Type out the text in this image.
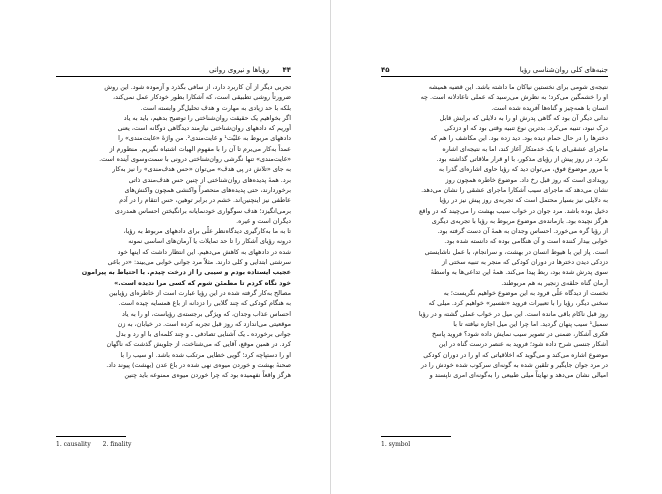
۴۴
رؤیاها و نیروی روانی
تجربی دیگر از آن کاربرد دارد، از سافی بگذرد و آزموده شود. این روش
ضرورتاً روشی تطبیقی است، که آشکارا بطور خودکار عمل نمی‌کند،
بلکه با حد زیادی به مهارت و هدف تحلیل‌گر وابسته است.
اگر بخواهیم یک حقیقت روان‌شناختی را توضیح بدهیم، باید به یاد
آوریم که دادههای روان‌شناختی نیازمند دیدگاهی دوگانه است، یعنی
دادههای مربوط به علیّت¹ و غایت‌مندی². من واژهٔ «غایت‌مندی» را
عمداً به‌کار می‌برم تا آن را با مفهوم الهیات اشتباه نگیریم. منظورم از
«غایت‌مندی» تنها نگرشی روان‌شناختی درونی با سمت‌وسوی آینده است.
به جای «تلاش در پی هدف» می‌توان «حس هدف‌مندی» را نیز به‌کار
برد. همهٔ پدیده‌های روان‌شناختی از چنین حس هدف‌مندی ذاتی
برخوردارند، حتی پدیده‌های منحصراً واکنشی همچون واکنش‌های
عاطفی نیز اینچنین‌اند. خشم در برابر توهین، حس انتقام را در آدم
برمی‌انگیزد؛ هدف سوگواری خودنمایانه برانگیختن احساس همدردی
دیگران است و غیره.
تا به ما به‌کارگیری دیدگاه‌نظر علّی برای دادههای مربوط به رؤیا،
درونه رؤیای آشکار را تا حد تمایلات یا آرمان‌های اساسی نمونه
شده در دادههای به کاهش می‌دهیم. این انتظار داشت که اینها خود
سرشتی ابتدایی و کلی دارند. مثلاً مرد جوانی خوابی می‌بیند: «در باغی
عجیب ایستاده بودم و سیبی را از درخت چیدم. با احتیاط به پیرامون
خود نگاه کردم تا مطمئن شوم که کسی مرا ندیده است.»
مصالح به‌کار گرفته شده در این رؤیا عبارت است از خاطره‌ای رؤیابین
به هنگام کودکی که چند گلابی را دزدانه از باغ همسایه چیده است.
احساس عذاب وجدان، که ویژگی برجسته‌ی رؤیاست، او را به یاد
موقعیتی می‌اندازد که روز قبل تجربه کرده است. در خیابان، به زن
جوانی برخورده ـ یک آشنایی تصادفی ـ و چند کلمه‌ای با او رد و بدل
کرد. در همین موقع، آقایی که می‌شناخت، از جلویش گذشت که ناگهان
او را دستپاچه کرد؛ گویی خطایی مرتکب شده باشد. او سیب را با
صحنهٔ بهشت و خوردن میوه‌ی نهی شده در باغ عدن (بهشت) پیوند داد.
هرگز واقعاً نفهمیده بود که چرا خوردن میوه‌ی ممنوعه باید چنین
1. causality 2. finality
۴۵	جنبه‌های کلی روان‌شناسی رؤیا
نتیجه‌ی شومی برای نخستین نیاکان ما داشته باشد. این قضیه همیشه
او را خشمگین می‌کرد؛ به نظرش می‌رسید که عملی ناعادلانه است. چه
انسان با همه‌چیز و گناه‌ها آفریده شده است.
ندانی دیگر آن بود که گاهی پدرش او را به دلایلی که برایش قابل
درک نبود، تنبیه می‌کرد. بدترین نوع تنبیه وقتی بود که او دزدکی
دخترها را در حال حمام دیده بود. دید زده بود. این مکاشف را هم که
ماجرای عشقی‌ای با یک خدمتکار آغاز کند، اما به نتیجه‌ای اشاره
نکرد. در روز پیش از رؤیای مذکور، با او قرار ملاقاتی گذاشته بود.
با مرور موضوع فوق، می‌توان دید که رؤیا حاوی اشاره‌ای گذرا به
رویدادی است که روز قبل رخ داد. موضوع خاطره همچون روز
نشان می‌دهد که ماجرای سیب آشکارا ماجرای عشقی را نشان می‌دهد.
به دلایلی نیز بسیار محتمل است که تجربه‌ی روز پیش نیز در رؤیا
دخیل بوده باشد. مرد جوان در خواب سیب بهشت را می‌چیند که در واقع
هرگز نچیده بود. بازمانده‌ی موضوع مربوط به رؤیا با تجربه‌ی دیگری
از رؤیا گره می‌خورد. احساس وجدان به همهٔ آن دست گرفته بود.
خوابی بیدار کننده است و آن هنگامی بوده که دانسته شده بود.
است. پاز این با هیوط انسان در بهشت، و سرانجام، با عمل ناشایستی
دزدکی دیدن دخترها در دوران کودکی که منجر به تنبیه سختی از
سوی پدرش شده بود، ربط پیدا می‌کند. همهٔ این تداعی‌ها به واسطهٔ
آرمان گناه حلقه‌ی زنجیر به هم مربوطند.
نخست از دیدگاه علّی فرود به این موضوع خواهیم نگریست؛ به
سخنی دیگر، رؤیا را با تعبیرات فروید «تفسیر» خواهیم کرد. میلی که
روز قبل ناکام باقی مانده است. این میل در خواب عملی گشته و در رؤیا
سمبل¹ سیب پنهان گردید. اما چرا این میل اجازه نیافته تا با
فکری آشکار، ضمنی در تصویر سیب نمایش داده شود؟ فروید پاسخ
آشکار جنسی شرح داده شود؛ فروید به عنصر درست گناه در این
موضوع اشاره می‌کند و می‌گوید که اخلاقیاتی که او را در دوران کودکی
در مرد جوان جایگیر و تلقین شده به گونه‌ای سرکوب شده خودش را در
امیالی نشان می‌دهد و نهایتاً میلی طبیعی را به‌گونه‌ای امری ناپسند و
1. symbol
